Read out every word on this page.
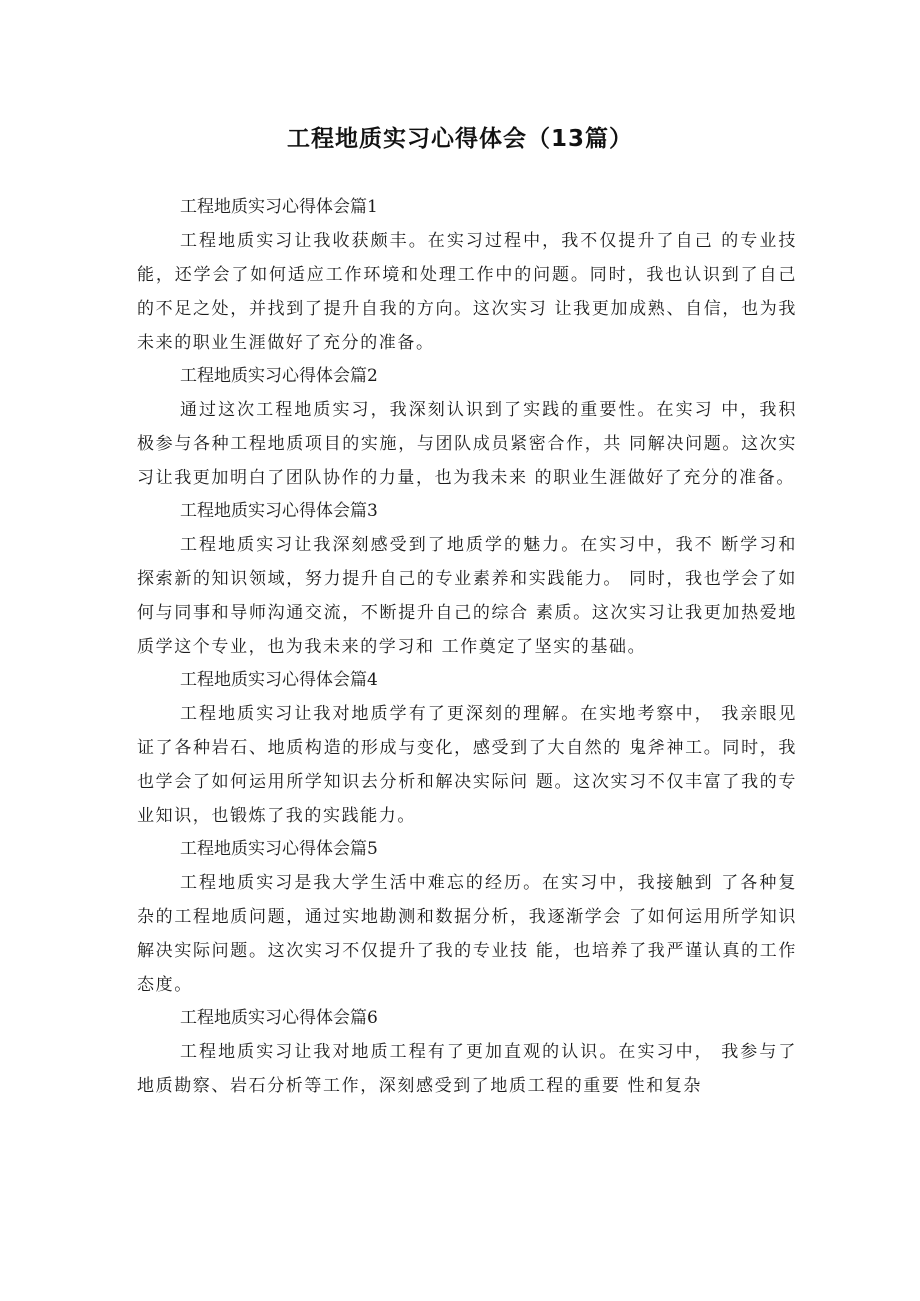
工程地质实习心得体会（13篇）

工程地质实习心得体会篇1

工程地质实习让我收获颇丰。在实习过程中，我不仅提升了自己 的专业技能，还学会了如何适应工作环境和处理工作中的问题。同时，我也认识到了自己的不足之处，并找到了提升自我的方向。这次实习 让我更加成熟、自信，也为我未来的职业生涯做好了充分的准备。

工程地质实习心得体会篇2

通过这次工程地质实习，我深刻认识到了实践的重要性。在实习 中，我积极参与各种工程地质项目的实施，与团队成员紧密合作，共 同解决问题。这次实习让我更加明白了团队协作的力量，也为我未来 的职业生涯做好了充分的准备。

工程地质实习心得体会篇3

工程地质实习让我深刻感受到了地质学的魅力。在实习中，我不 断学习和探索新的知识领域，努力提升自己的专业素养和实践能力。 同时，我也学会了如何与同事和导师沟通交流，不断提升自己的综合 素质。这次实习让我更加热爱地质学这个专业，也为我未来的学习和 工作奠定了坚实的基础。

工程地质实习心得体会篇4

工程地质实习让我对地质学有了更深刻的理解。在实地考察中， 我亲眼见证了各种岩石、地质构造的形成与变化，感受到了大自然的 鬼斧神工。同时，我也学会了如何运用所学知识去分析和解决实际问 题。这次实习不仅丰富了我的专业知识，也锻炼了我的实践能力。

工程地质实习心得体会篇5

工程地质实习是我大学生活中难忘的经历。在实习中，我接触到 了各种复杂的工程地质问题，通过实地勘测和数据分析，我逐渐学会 了如何运用所学知识解决实际问题。这次实习不仅提升了我的专业技 能，也培养了我严谨认真的工作态度。

工程地质实习心得体会篇6

工程地质实习让我对地质工程有了更加直观的认识。在实习中， 我参与了地质勘察、岩石分析等工作，深刻感受到了地质工程的重要 性和复杂
